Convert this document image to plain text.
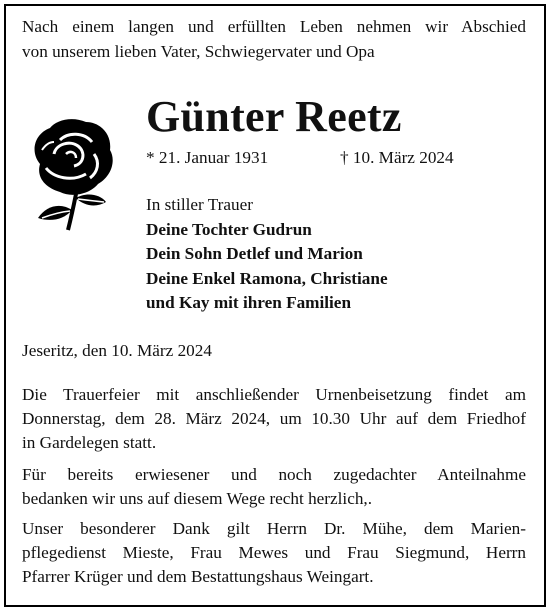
Nach einem langen und erfüllten Leben nehmen wir Abschied
von unserem lieben Vater, Schwiegervater und Opa
Günter Reetz
* 21. Januar 1931	† 10. März 2024
In stiller Trauer
Deine Tochter Gudrun
Dein Sohn Detlef und Marion
Deine Enkel Ramona, Christiane
und Kay mit ihren Familien
Jeseritz, den 10. März 2024
Die Trauerfeier mit anschließender Urnenbeisetzung findet am
Donnerstag, dem 28. März 2024, um 10.30 Uhr auf dem Friedhof
in Gardelegen statt.
Für bereits erwiesener und noch zugedachter Anteilnahme
bedanken wir uns auf diesem Wege recht herzlich,.
Unser besonderer Dank gilt Herrn Dr. Mühe, dem Marien-
pflegedienst Mieste, Frau Mewes und Frau Siegmund, Herrn
Pfarrer Krüger und dem Bestattungshaus Weingart.
